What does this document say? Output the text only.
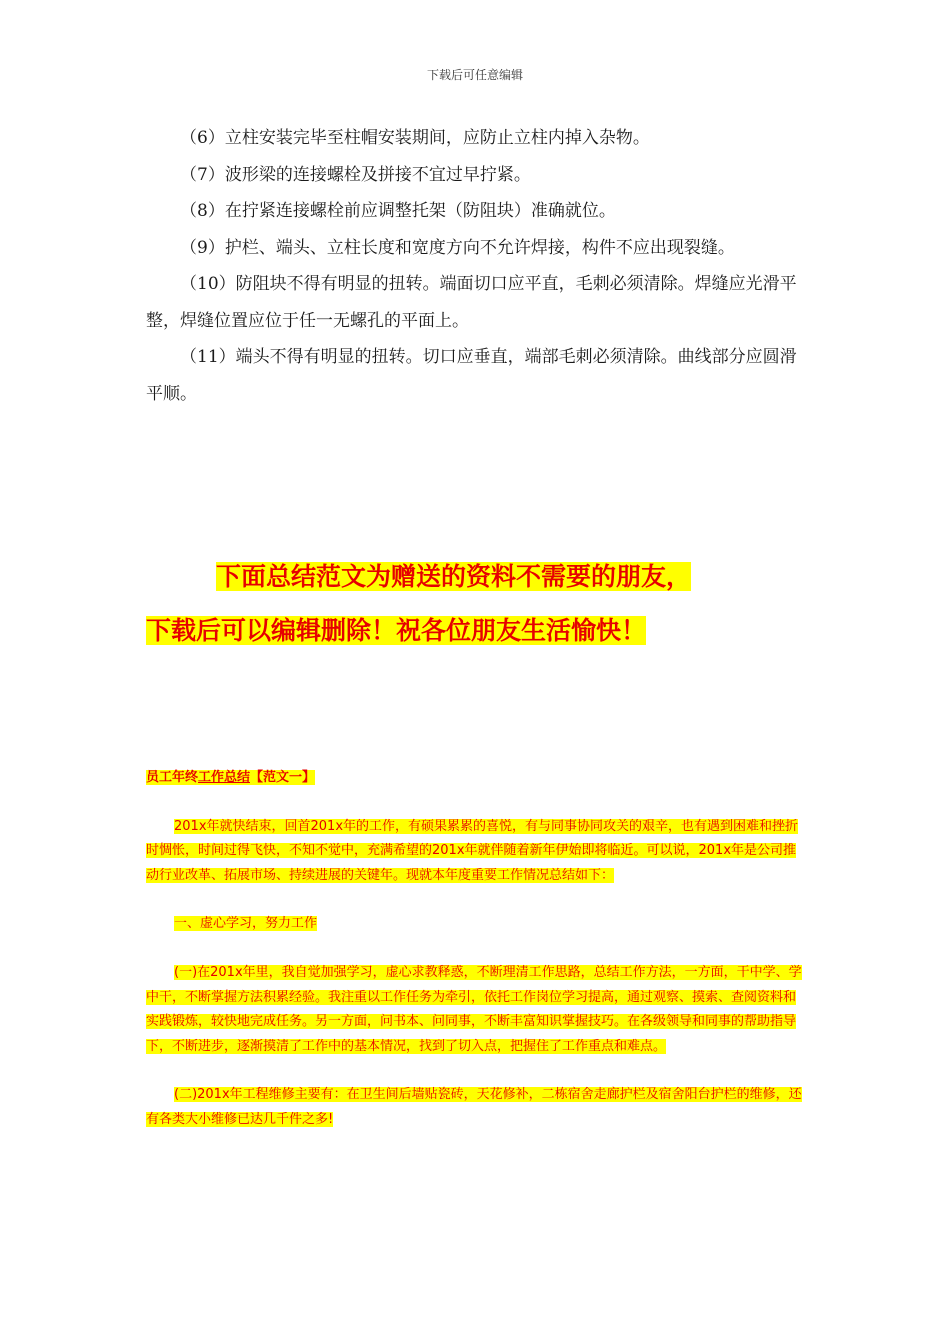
下载后可任意编辑

（6）立柱安装完毕至柱帽安装期间，应防止立柱内掉入杂物。

（7）波形梁的连接螺栓及拼接不宜过早拧紧。

（8）在拧紧连接螺栓前应调整托架（防阻块）准确就位。

（9）护栏、端头、立柱长度和宽度方向不允许焊接，构件不应出现裂缝。

（10）防阻块不得有明显的扭转。端面切口应平直，毛刺必须清除。焊缝应光滑平整，焊缝位置应位于任一无螺孔的平面上。

（11）端头不得有明显的扭转。切口应垂直，端部毛刺必须清除。曲线部分应圆滑平顺。

下面总结范文为赠送的资料不需要的朋友，

下载后可以编辑删除！祝各位朋友生活愉快！

员工年终工作总结【范文一】

201x年就快结束，回首201x年的工作，有硕果累累的喜悦，有与同事协同攻关的艰辛，也有遇到困难和挫折时惆怅，时间过得飞快，不知不觉中，充满希望的201x年就伴随着新年伊始即将临近。可以说，201x年是公司推动行业改革、拓展市场、持续进展的关键年。现就本年度重要工作情况总结如下：

一、虚心学习，努力工作

(一)在201x年里，我自觉加强学习，虚心求教释惑，不断理清工作思路，总结工作方法，一方面，干中学、学中干，不断掌握方法积累经验。我注重以工作任务为牵引，依托工作岗位学习提高，通过观察、摸索、查阅资料和实践锻炼，较快地完成任务。另一方面，问书本、问同事，不断丰富知识掌握技巧。在各级领导和同事的帮助指导下，不断进步，逐渐摸清了工作中的基本情况，找到了切入点，把握住了工作重点和难点。

(二)201x年工程维修主要有：在卫生间后墙贴瓷砖，天花修补，二栋宿舍走廊护栏及宿舍阳台护栏的维修，还有各类大小维修已达几千件之多!
